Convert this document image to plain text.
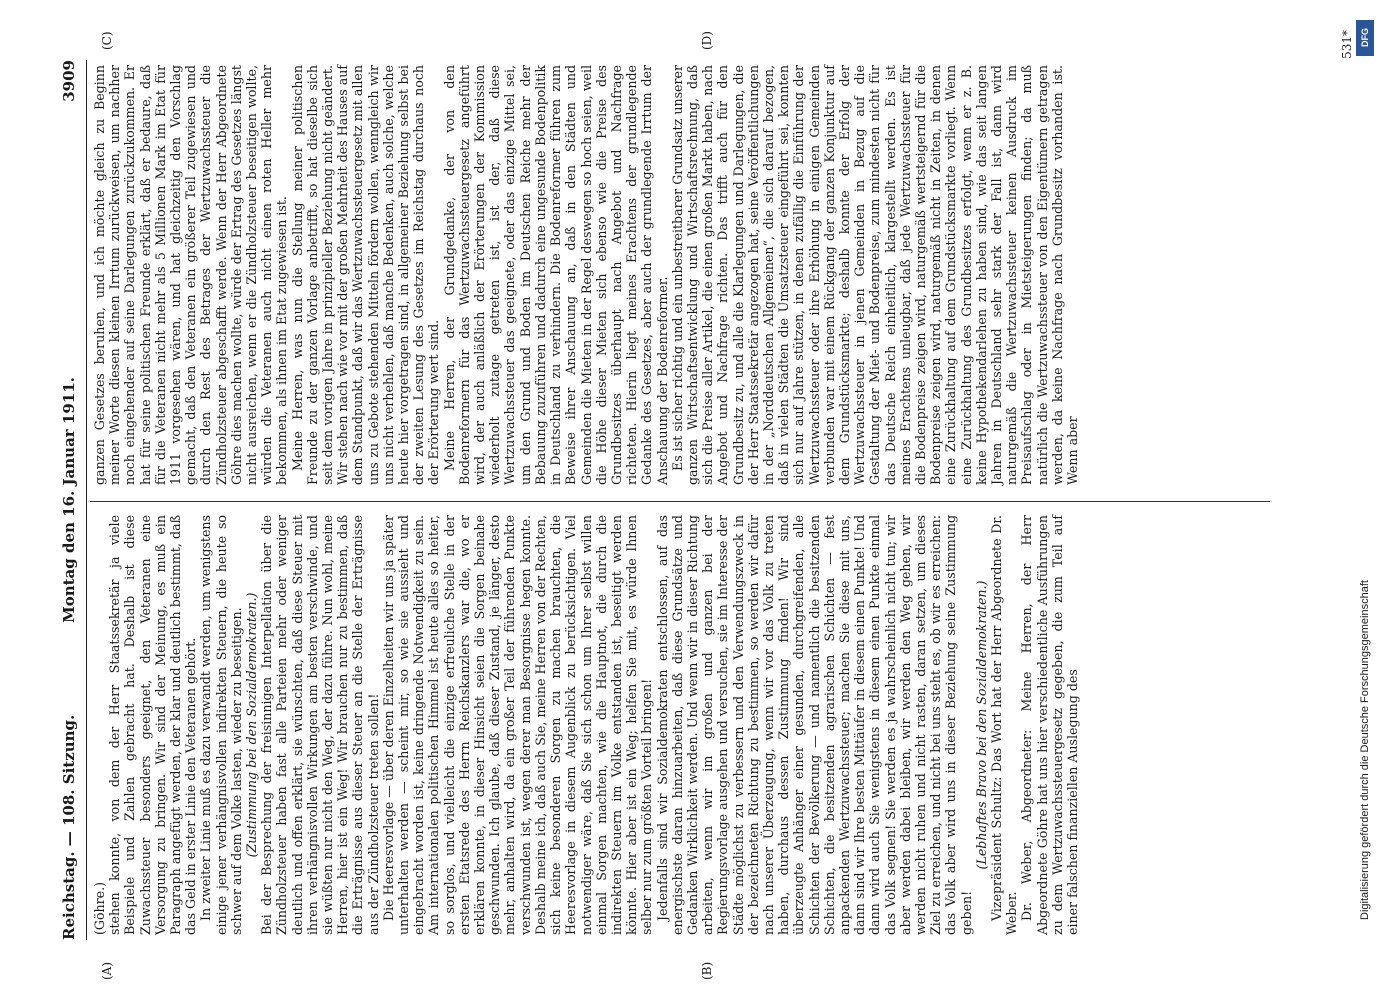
Reichstag. — 108. Sitzung.
Montag den 16. Januar 1911.
3909
(A)	(B)
(C)	(D)

(Göhre.) stehen konnte, von dem der Herr Staatssekretär ja viele Beispiele und Zahlen gebracht hat. Deshalb ist diese Zuwachssteuer besonders geeignet, den Veteranen eine Versorgung zu bringen. Wir sind der Meinung, es muß ein Paragraph angefügt werden, der klar und deutlich bestimmt, daß das Geld in erster Linie den Veteranen gehört. In zweiter Linie muß es dazu verwandt werden, um wenigstens einige jener verhängnisvollen indirekten Steuern, die heute so schwer auf dem Volke lasten, wieder zu beseitigen. (Zustimmung bei den Sozialdemokraten.) Bei der Besprechung der freisinnigen Interpellation über die Zündholzsteuer haben fast alle Parteien mehr oder weniger deutlich und offen erklärt, sie wünschten, daß diese Steuer mit ihren verhängnisvollen Wirkungen am besten verschwinde, und sie wüßten nur nicht den Weg, der dazu führe. Nun wohl, meine Herren, hier ist ein Weg! Wir brauchen nur zu bestimmen, daß die Erträgnisse aus dieser Steuer an die Stelle der Erträgnisse aus der Zündholzsteuer treten sollen! Die Heeresvorlage — über deren Einzelheiten wir uns ja später unterhalten werden — scheint mir, so wie sie aussieht und eingebracht worden ist, keine dringende Notwendigkeit zu sein. Am internationalen politischen Himmel ist heute alles so heiter, so sorglos, und vielleicht die einzige erfreuliche Stelle in der ersten Etatsrede des Herrn Reichskanzlers war die, wo er erklären konnte, in dieser Hinsicht seien die Sorgen beinahe geschwunden. Ich glaube, daß dieser Zustand, je länger, desto mehr, anhalten wird, da ein großer Teil der führenden Punkte verschwunden ist, wegen derer man Besorgnisse hegen konnte. Deshalb meine ich, daß auch Sie, meine Herren von der Rechten, sich keine besonderen Sorgen zu machen brauchten, die Heeresvorlage in diesem Augenblick zu berücksichtigen. Viel notwendiger wäre, daß Sie sich schon um Ihrer selbst willen einmal Sorgen machten, wie die Hauptnot, die durch die indirekten Steuern im Volke entstanden ist, beseitigt werden könnte. Hier aber ist ein Weg; helfen Sie mit, es würde Ihnen selber nur zum größten Vorteil bringen! Jedenfalls sind wir Sozialdemokraten entschlossen, auf das energischste daran hinzuarbeiten, daß diese Grundsätze und Gedanken Wirklichkeit werden. Und wenn wir in dieser Richtung arbeiten, wenn wir im großen und ganzen bei der Regierungsvorlage ausgehen und versuchen, sie im Interesse der Städte möglichst zu verbessern und den Verwendungszweck in der bezeichneten Richtung zu bestimmen, so werden wir dafür nach unserer Überzeugung, wenn wir vor das Volk zu treten haben, durchaus dessen Zustimmung finden! Wir sind überzeugte Anhänger einer gesunden, durchgreifenden, alle Schichten der Bevölkerung — und namentlich die besitzenden Schichten, die besitzenden agrarischen Schichten — fest anpackenden Wertzuwachssteuer; machen Sie diese mit uns, dann sind wir Ihre besten Mittäufer in diesem einen Punkte! Und dann wird auch Sie wenigstens in diesem einen Punkte einmal das Volk segnen! Sie werden es ja wahrscheinlich nicht tun; wir aber werden dabei bleiben, wir werden den Weg gehen, wir werden nicht ruhen und nicht rasten, daran setzen, um dieses Ziel zu erreichen, und nicht bei uns steht es, ob wir es erreichen: das Volk aber wird uns in dieser Beziehung seine Zustimmung geben!

(Lebhaftes Bravo bei den Sozialdemokraten.) Vizepräsident Schultz: Das Wort hat der Herr Abgeordnete Dr. Weber. Dr. Weber, Abgeordneter: Meine Herren, der Herr Abgeordnete Göhre hat uns hier verschiedentliche Ausführungen zu dem Wertzuwachssteuergesetz gegeben, die zum Teil auf einer falschen finanziellen Auslegung des

ganzen Gesetzes beruhen, und ich möchte gleich zu Beginn meiner Worte diesen kleinen Irrtum zurückweisen, um nachher noch eingehender auf seine Darlegungen zurückzukommen. Er hat für seine politischen Freunde erklärt, daß er bedaure, daß für die Veteranen nicht mehr als 5 Millionen Mark im Etat für 1911 vorgesehen wären, und hat gleichzeitig den Vorschlag gemacht, daß den Veteranen ein größerer Teil zugewiesen und durch den Rest des Betrages der Wertzuwachssteuer die Zündholzsteuer abgeschafft werde. Wenn der Herr Abgeordnete Göhre dies machen wollte, würde der Ertrag des Gesetzes längst nicht ausreichen, wenn er die Zündholzsteuer beseitigen wollte, würden die Veteranen auch nicht einen roten Heller mehr bekommen, als ihnen im Etat zugewiesen ist. Meine Herren, was nun die Stellung meiner politischen Freunde zu der ganzen Vorlage anbetrifft, so hat dieselbe sich seit dem vorigen Jahre in prinzipieller Beziehung nicht geändert. Wir stehen nach wie vor mit der großen Mehrheit des Hauses auf dem Standpunkt, daß wir das Wertzuwachssteuergesetz mit allen uns zu Gebote stehenden Mitteln fördern wollen, wenngleich wir uns nicht verhehlen, daß manche Bedenken, auch solche, welche heute hier vorgetragen sind, in allgemeiner Beziehung selbst bei der zweiten Lesung des Gesetzes im Reichstag durchaus noch der Erörterung wert sind. Meine Herren, der Grundgedanke, der von den Bodenreformern für das Wertzuwachssteuergesetz angeführt wird, der auch anläßlich der Erörterungen der Kommission wiederholt zutage getreten ist, ist der, daß diese Wertzuwachssteuer das geeignete, oder das einzige Mittel sei, um den Grund und Boden im Deutschen Reiche mehr der Bebauung zuzuführen und dadurch eine ungesunde Bodenpolitik in Deutschland zu verhindern. Die Bodenreformer führen zum Beweise ihrer Anschauung an, daß in den Städten und Gemeinden die Mieten in der Regel deswegen so hoch seien, weil die Höhe dieser Mieten sich ebenso wie die Preise des Grundbesitzes überhaupt nach Angebot und Nachfrage richteten. Hierin liegt meines Erachtens der grundlegende Gedanke des Gesetzes, aber auch der grundlegende Irrtum der Anschauung der Bodenreformer. Es ist sicher richtig und ein unbestreitbarer Grundsatz unserer ganzen Wirtschaftsentwicklung und Wirtschaftsrechnung, daß sich die Preise aller Artikel, die einen großen Markt haben, nach Angebot und Nachfrage richten. Das trifft auch für den Grundbesitz zu, und alle die Klarlegungen und Darlegungen, die der Herr Staatssekretär angezogen hat, seine Veröffentlichungen in der „Norddeutschen Allgemeinen“, die sich darauf bezogen, daß in vielen Städten die Umsatzsteuer eingeführt sei, konnten sich nur auf Jahre stützen, in denen zufällig die Einführung der Wertzuwachssteuer oder ihre Erhöhung in einigen Gemeinden verbunden war mit einem Rückgang der ganzen Konjunktur auf dem Grundstücksmarkte; deshalb konnte der Erfolg der Wertzuwachssteuer in jenen Gemeinden in Bezug auf die Gestaltung der Miet- und Bodenpreise, zum mindesten nicht für das Deutsche Reich einheitlich, klargestellt werden. Es ist meines Erachtens unleugbar, daß jede Wertzuwachssteuer für die Bodenpreise zeigen wird, naturgemäß wertsteigernd für die Bodenpreise zeigen wird, naturgemäß nicht in Zeiten, in denen eine Zurückhaltung auf dem Grundstücksmarkte vorliegt. Wenn eine Zurückhaltung des Grundbesitzes erfolgt, wenn er z. B. keine Hypothekendarlehen zu haben sind, wie das seit langen Jahren in Deutschland sehr stark der Fall ist, dann wird naturgemäß die Wertzuwachssteuer keinen Ausdruck im Preisaufschlag oder in Mietsteigerungen finden; da muß natürlich die Wertzuwachssteuer von den Eigentümern getragen werden, da keine Nachfrage nach Grundbesitz vorhanden ist. Wenn aber

531*
Digitalisierung gefördert durch die Deutsche Forschungsgemeinschaft
DFG
